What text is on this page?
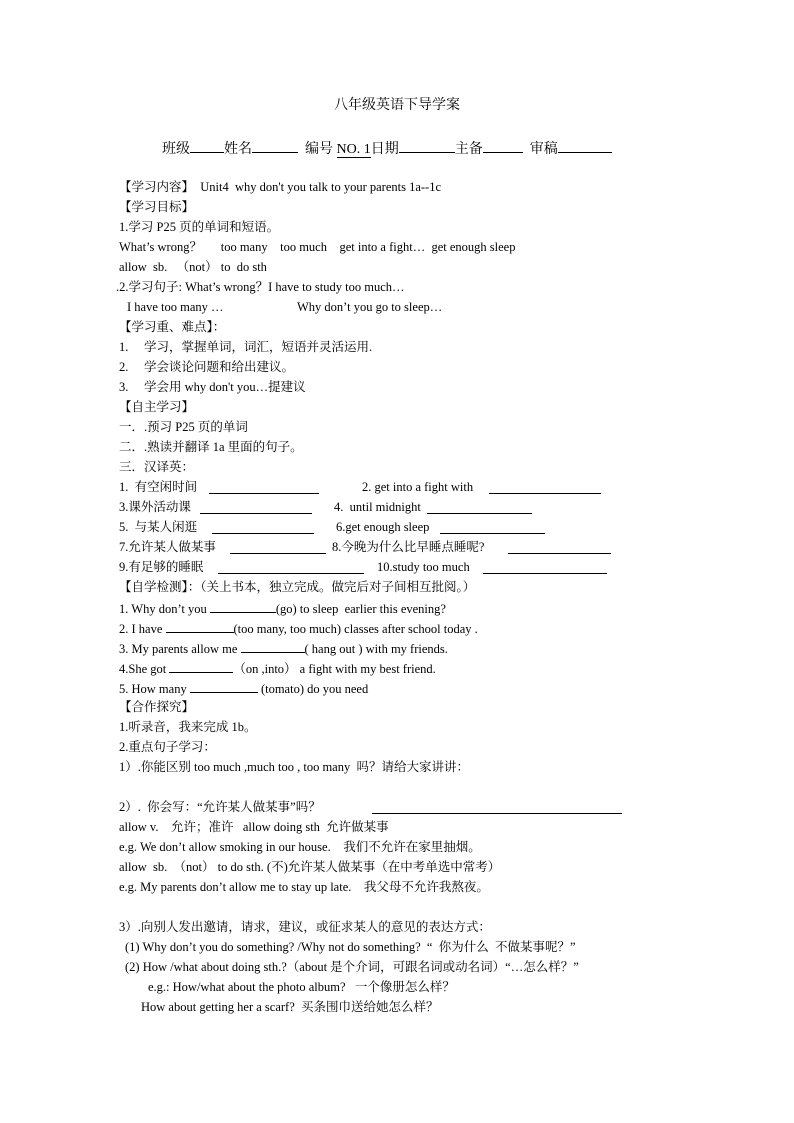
八年级英语下导学案
班级 姓名	编号 NO. 1日期	主备	审稿
【学习内容】 Unit4  why don't you talk to your parents 1a--1c
【学习目标】
1.学习 P25 页的单词和短语。
What’s wrong？      too many    too much    get into a fight…  get enough sleep
allow  sb.   （not） to  do sth
.2.学习句子: What’s wrong？I have to study too much…
I have too many …	Why don’t you go to sleep…
【学习重、难点】：
1.     学习，掌握单词，词汇，短语并灵活运用.
2.     学会谈论问题和给出建议。
3.     学会用 why don't you…提建议
【自主学习】
一．.预习 P25 页的单词
二．.熟读并翻译 1a 里面的句子。
三．汉译英：
1.  有空闲时间	2. get into a fight with
3.课外活动课	4.  until midnight
5.  与某人闲逛	6.get enough sleep
7.允许某人做某事	8.今晚为什么比早睡点睡呢?
9.有足够的睡眠	10.study too much
【自学检测】：（关上书本，独立完成。做完后对子间相互批阅。）
1. Why don’t you	(go) to sleep  earlier this evening?
2. I have	(too many, too much) classes after school today .
3. My parents allow me	( hang out ) with my friends.
4.She got	（on ,into） a fight with my best friend.
5. How many	(tomato) do you need
【合作探究】
1.听录音，我来完成 1b。
2.重点句子学习：
1）.你能区别 too much ,much too , too many  吗？请给大家讲讲：
2）.  你会写：“允许某人做某事”吗？
allow v.    允许；准许   allow doing sth  允许做某事
e.g. We don’t allow smoking in our house.    我们不允许在家里抽烟。
allow  sb.  （not） to do sth. (不)允许某人做某事（在中考单选中常考）
e.g. My parents don’t allow me to stay up late.    我父母不允许我熬夜。
3）.向别人发出邀请，请求，建议，或征求某人的意见的表达方式：
(1) Why don’t you do something? /Why not do something?  “  你为什么  不做某事呢？”
(2) How /what about doing sth.?（about 是个介词，可跟名词或动名词）“…怎么样？”
e.g.: How/what about the photo album?   一个像册怎么样？
How about getting her a scarf?  买条围巾送给她怎么样？
